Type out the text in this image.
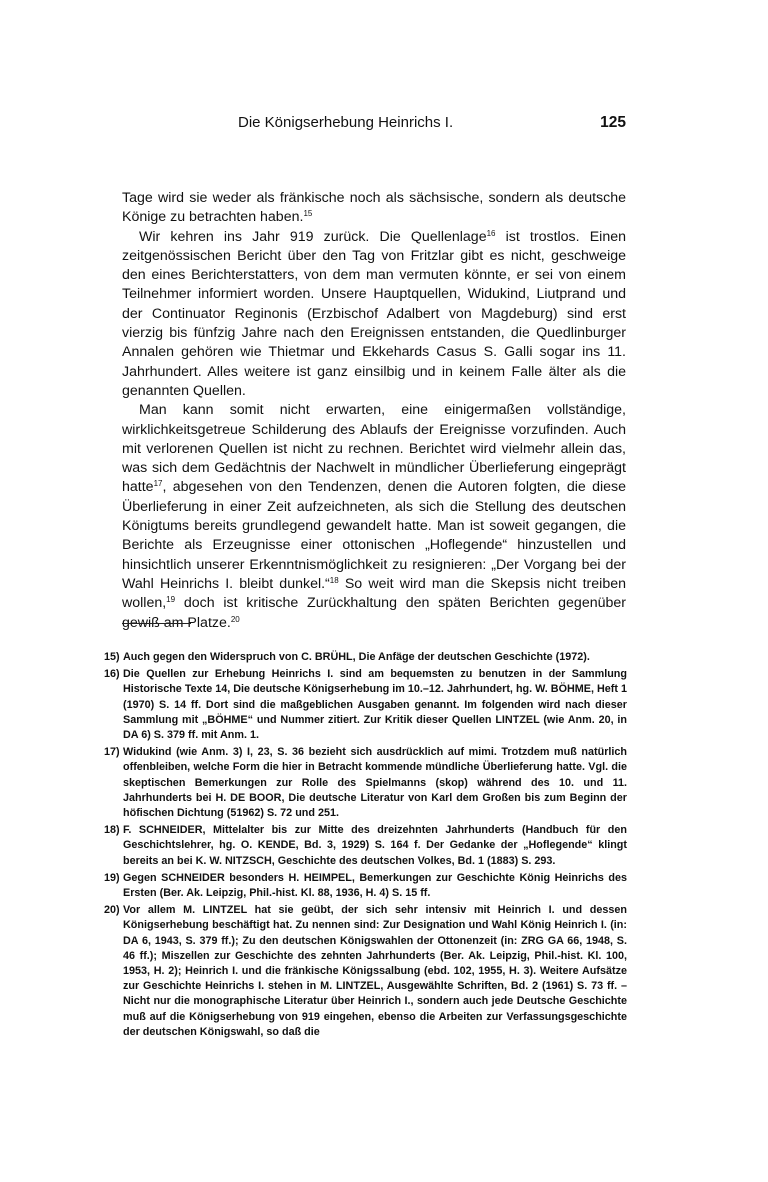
Die Königserhebung Heinrichs I.	125

Tage wird sie weder als fränkische noch als sächsische, sondern als deutsche Könige zu betrachten haben.$^{15}$

Wir kehren ins Jahr 919 zurück. Die Quellenlage$^{16}$ ist trostlos. Einen zeitgenössischen Bericht über den Tag von Fritzlar gibt es nicht, geschweige den eines Berichterstatters, von dem man vermuten könnte, er sei von einem Teilnehmer informiert worden. Unsere Hauptquellen, Widukind, Liutprand und der Continuator Reginonis (Erzbischof Adalbert von Magdeburg) sind erst vierzig bis fünfzig Jahre nach den Ereignissen entstanden, die Quedlinburger Annalen gehören wie Thietmar und Ekkehards Casus S. Galli sogar ins 11. Jahrhundert. Alles weitere ist ganz einsilbig und in keinem Falle älter als die genannten Quellen.

Man kann somit nicht erwarten, eine einigermaßen vollständige, wirklichkeitsgetreue Schilderung des Ablaufs der Ereignisse vorzufinden. Auch mit verlorenen Quellen ist nicht zu rechnen. Berichtet wird vielmehr allein das, was sich dem Gedächtnis der Nachwelt in mündlicher Überlieferung eingeprägt hatte$^{17}$, abgesehen von den Tendenzen, denen die Autoren folgten, die diese Überlieferung in einer Zeit aufzeichneten, als sich die Stellung des deutschen Königtums bereits grundlegend gewandelt hatte. Man ist soweit gegangen, die Berichte als Erzeugnisse einer ottonischen „Hoflegende“ hinzustellen und hinsichtlich unserer Erkenntnismöglichkeit zu resignieren: „Der Vorgang bei der Wahl Heinrichs I. bleibt dunkel.“$^{18}$ So weit wird man die Skepsis nicht treiben wollen,$^{19}$ doch ist kritische Zurückhaltung den späten Berichten gegenüber gewiß am Platze.$^{20}$

15) Auch gegen den Widerspruch von C. BRÜHL, Die Anfäge der deutschen Geschichte (1972).
16) Die Quellen zur Erhebung Heinrichs I. sind am bequemsten zu benutzen in der Sammlung Historische Texte 14, Die deutsche Königserhebung im 10.–12. Jahrhundert, hg. W. BÖHME, Heft 1 (1970) S. 14 ff. Dort sind die maßgeblichen Ausgaben genannt. Im folgenden wird nach dieser Sammlung mit „BÖHME“ und Nummer zitiert. Zur Kritik dieser Quellen LINTZEL (wie Anm. 20, in DA 6) S. 379 ff. mit Anm. 1.
17) Widukind (wie Anm. 3) I, 23, S. 36 bezieht sich ausdrücklich auf mimi. Trotzdem muß natürlich offenbleiben, welche Form die hier in Betracht kommende mündliche Überlieferung hatte. Vgl. die skeptischen Bemerkungen zur Rolle des Spielmanns (skop) während des 10. und 11. Jahrhunderts bei H. DE BOOR, Die deutsche Literatur von Karl dem Großen bis zum Beginn der höfischen Dichtung (51962) S. 72 und 251.
18) F. SCHNEIDER, Mittelalter bis zur Mitte des dreizehnten Jahrhunderts (Handbuch für den Geschichtslehrer, hg. O. KENDE, Bd. 3, 1929) S. 164 f. Der Gedanke der „Hoflegende“ klingt bereits an bei K. W. NITZSCH, Geschichte des deutschen Volkes, Bd. 1 (1883) S. 293.
19) Gegen SCHNEIDER besonders H. HEIMPEL, Bemerkungen zur Geschichte König Heinrichs des Ersten (Ber. Ak. Leipzig, Phil.-hist. Kl. 88, 1936, H. 4) S. 15 ff.
20) Vor allem M. LINTZEL hat sie geübt, der sich sehr intensiv mit Heinrich I. und dessen Königserhebung beschäftigt hat. Zu nennen sind: Zur Designation und Wahl König Heinrich I. (in: DA 6, 1943, S. 379 ff.); Zu den deutschen Königswahlen der Ottonenzeit (in: ZRG GA 66, 1948, S. 46 ff.); Miszellen zur Geschichte des zehnten Jahrhunderts (Ber. Ak. Leipzig, Phil.-hist. Kl. 100, 1953, H. 2); Heinrich I. und die fränkische Königssalbung (ebd. 102, 1955, H. 3). Weitere Aufsätze zur Geschichte Heinrichs I. stehen in M. LINTZEL, Ausgewählte Schriften, Bd. 2 (1961) S. 73 ff. – Nicht nur die monographische Literatur über Heinrich I., sondern auch jede Deutsche Geschichte muß auf die Königserhebung von 919 eingehen, ebenso die Arbeiten zur Verfassungsgeschichte der deutschen Königswahl, so daß die
